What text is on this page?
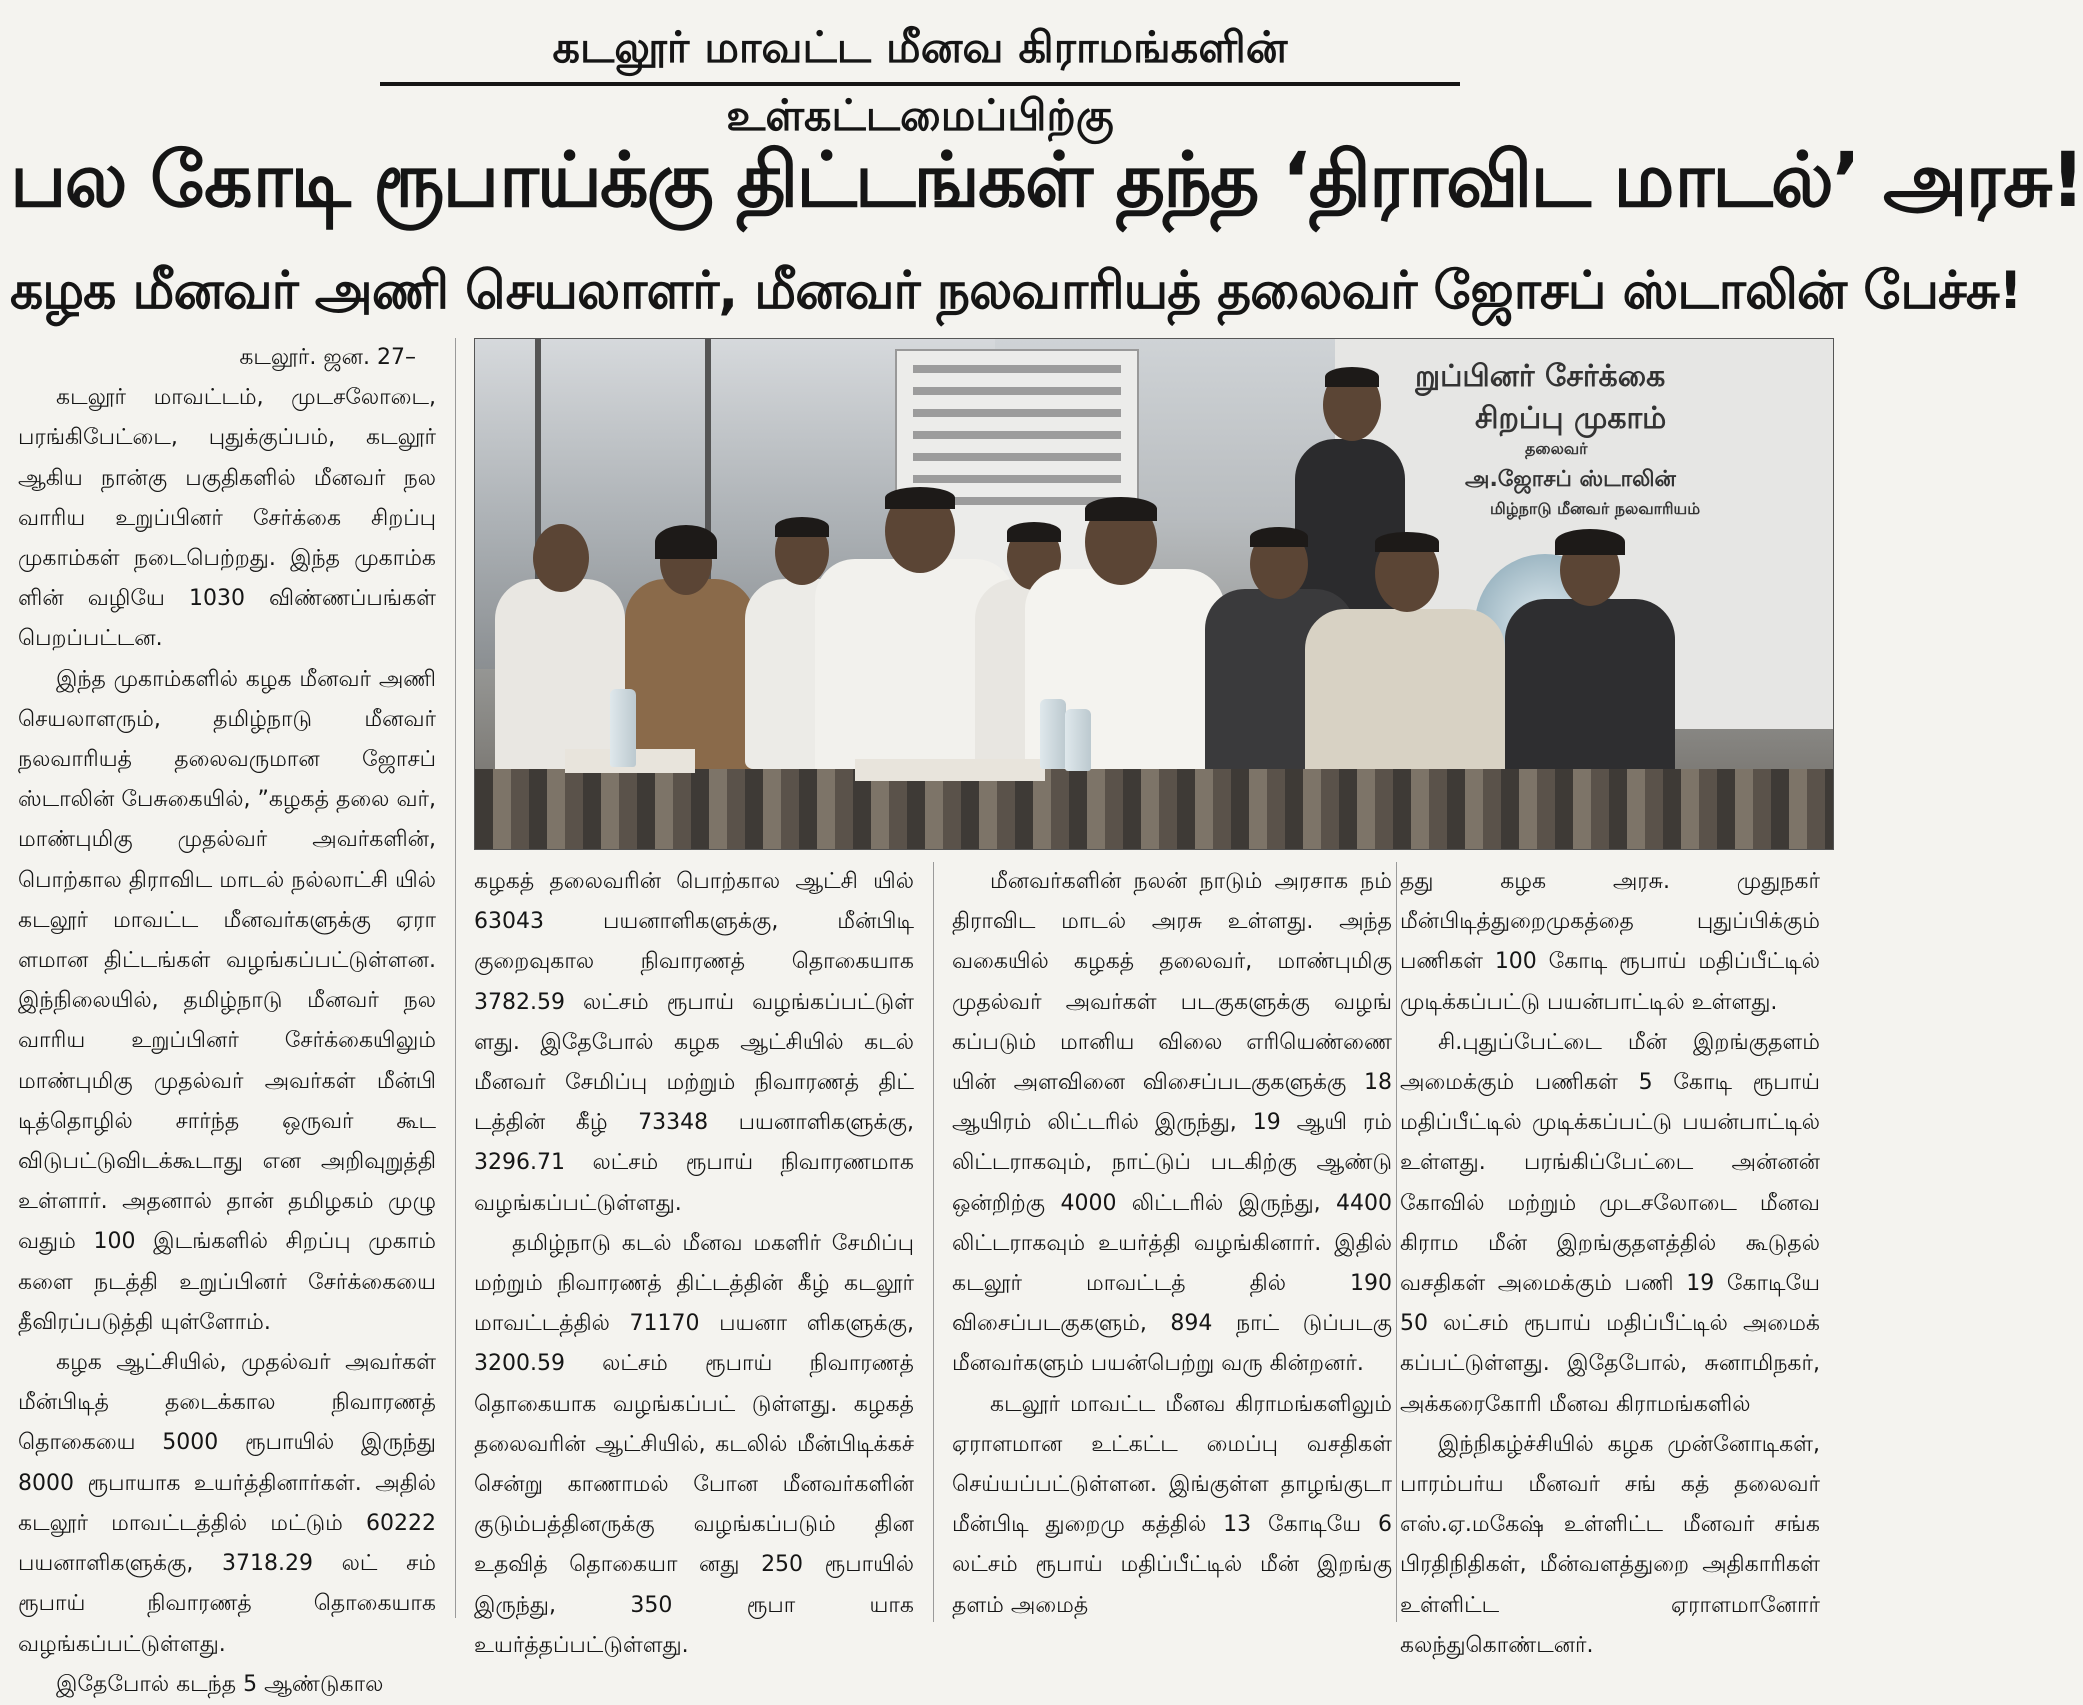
கடலூர் மாவட்ட மீனவ கிராமங்களின் உள்கட்டமைப்பிற்கு
பல கோடி ரூபாய்க்கு திட்டங்கள் தந்த ‘திராவிட மாடல்’ அரசு!
கழக மீனவர் அணி செயலாளர், மீனவர் நலவாரியத் தலைவர் ஜோசப் ஸ்டாலின் பேச்சு!

கடலூர். ஜன. 27–

கடலூர் மாவட்டம், முடசலோடை, பரங்கிபேட்டை, புதுக்குப்பம், கடலூர் ஆகிய நான்கு பகுதிகளில் மீனவர் நல வாரிய உறுப்பினர் சேர்க்கை சிறப்பு முகாம்கள் நடைபெற்றது. இந்த முகாம்க ளின் வழியே 1030 விண்ணப்பங்கள் பெறப்பட்டன.

இந்த முகாம்களில் கழக மீனவர் அணி செயலாளரும், தமிழ்நாடு மீனவர் நலவாரியத் தலைவருமான ஜோசப் ஸ்டாலின் பேசுகையில், ”கழகத் தலை வர், மாண்புமிகு முதல்வர் அவர்களின், பொற்கால திராவிட மாடல் நல்லாட்சி யில் கடலூர் மாவட்ட மீனவர்களுக்கு ஏரா ளமான திட்டங்கள் வழங்கப்பட்டுள்ளன. இந்நிலையில், தமிழ்நாடு மீனவர் நல வாரிய உறுப்பினர் சேர்க்கையிலும் மாண்புமிகு முதல்வர் அவர்கள் மீன்பி டித்தொழில் சார்ந்த ஒருவர் கூட விடுபட்டுவிடக்கூடாது என அறிவுறுத்தி உள்ளார். அதனால் தான் தமிழகம் முழு வதும் 100 இடங்களில் சிறப்பு முகாம் களை நடத்தி உறுப்பினர் சேர்க்கையை தீவிரப்படுத்தி யுள்ளோம்.

கழக ஆட்சியில், முதல்வர் அவர்கள் மீன்பிடித் தடைக்கால நிவாரணத் தொகையை 5000 ரூபாயில் இருந்து 8000 ரூபாயாக உயர்த்தினார்கள். அதில் கடலூர் மாவட்டத்தில் மட்டும் 60222 பயனாளிகளுக்கு, 3718.29 லட் சம் ரூபாய் நிவாரணத் தொகையாக வழங்கப்பட்டுள்ளது.

இதேபோல் கடந்த 5 ஆண்டுகால

றுப்பினர் சேர்க்கை
சிறப்பு முகாம்
தலைவர்
அ.ஜோசப் ஸ்டாலின்
மிழ்நாடு மீனவர் நலவாரியம்

கழகத் தலைவரின் பொற்கால ஆட்சி யில் 63043 பயனாளிகளுக்கு, மீன்பிடி குறைவுகால நிவாரணத் தொகையாக 3782.59 லட்சம் ரூபாய் வழங்கப்பட்டுள் ளது. இதேபோல் கழக ஆட்சியில் கடல் மீனவர் சேமிப்பு மற்றும் நிவாரணத் திட் டத்தின் கீழ் 73348 பயனாளிகளுக்கு, 3296.71 லட்சம் ரூபாய் நிவாரணமாக வழங்கப்பட்டுள்ளது.

தமிழ்நாடு கடல் மீனவ மகளிர் சேமிப்பு மற்றும் நிவாரணத் திட்டத்தின் கீழ் கடலூர் மாவட்டத்தில் 71170 பயனா ளிகளுக்கு, 3200.59 லட்சம் ரூபாய் நிவாரணத் தொகையாக வழங்கப்பட் டுள்ளது. கழகத் தலைவரின் ஆட்சியில், கடலில் மீன்பிடிக்கச் சென்று காணாமல் போன மீனவர்களின் குடும்பத்தினருக்கு வழங்கப்படும் தின உதவித் தொகையா னது 250 ரூபாயில் இருந்து, 350 ரூபா யாக உயர்த்தப்பட்டுள்ளது.

மீனவர்களின் நலன் நாடும் அரசாக நம் திராவிட மாடல் அரசு உள்ளது. அந்த வகையில் கழகத் தலைவர், மாண்புமிகு முதல்வர் அவர்கள் படகுகளுக்கு வழங் கப்படும் மானிய விலை எரியெண்ணை யின் அளவினை விசைப்படகுகளுக்கு 18 ஆயிரம் லிட்டரில் இருந்து, 19 ஆயி ரம் லிட்டராகவும், நாட்டுப் படகிற்கு ஆண்டு ஒன்றிற்கு 4000 லிட்டரில் இருந்து, 4400 லிட்டராகவும் உயர்த்தி வழங்கினார். இதில் கடலூர் மாவட்டத் தில் 190 விசைப்படகுகளும், 894 நாட் டுப்படகு மீனவர்களும் பயன்பெற்று வரு கின்றனர்.

கடலூர் மாவட்ட மீனவ கிராமங்களிலும் ஏராளமான உட்கட்ட மைப்பு வசதிகள் செய்யப்பட்டுள்ளன. இங்குள்ள தாழங்குடா மீன்பிடி துறைமு கத்தில் 13 கோடியே 6 லட்சம் ரூபாய் மதிப்பீட்டில் மீன் இறங்கு தளம் அமைத்

தது கழக அரசு. முதுநகர் மீன்பிடித்துறைமுகத்தை புதுப்பிக்கும் பணிகள் 100 கோடி ரூபாய் மதிப்பீட்டில் முடிக்கப்பட்டு பயன்பாட்டில் உள்ளது.

சி.புதுப்பேட்டை மீன் இறங்குதளம் அமைக்கும் பணிகள் 5 கோடி ரூபாய் மதிப்பீட்டில் முடிக்கப்பட்டு பயன்பாட்டில் உள்ளது. பரங்கிப்பேட்டை அன்னன் கோவில் மற்றும் முடசலோடை மீனவ கிராம மீன் இறங்குதளத்தில் கூடுதல் வசதிகள் அமைக்கும் பணி 19 கோடியே 50 லட்சம் ரூபாய் மதிப்பீட்டில் அமைக் கப்பட்டுள்ளது. இதேபோல், சுனாமிநகர், அக்கரைகோரி மீனவ கிராமங்களில்

இந்நிகழ்ச்சியில் கழக முன்னோடிகள், பாரம்பர்ய மீனவர் சங் கத் தலைவர் எஸ்.ஏ.மகேஷ் உள்ளிட்ட மீனவர் சங்க பிரதிநிதிகள், மீன்வளத்துறை அதிகாரிகள் உள்ளிட்ட ஏராளமானோர் கலந்துகொண்டனர்.
